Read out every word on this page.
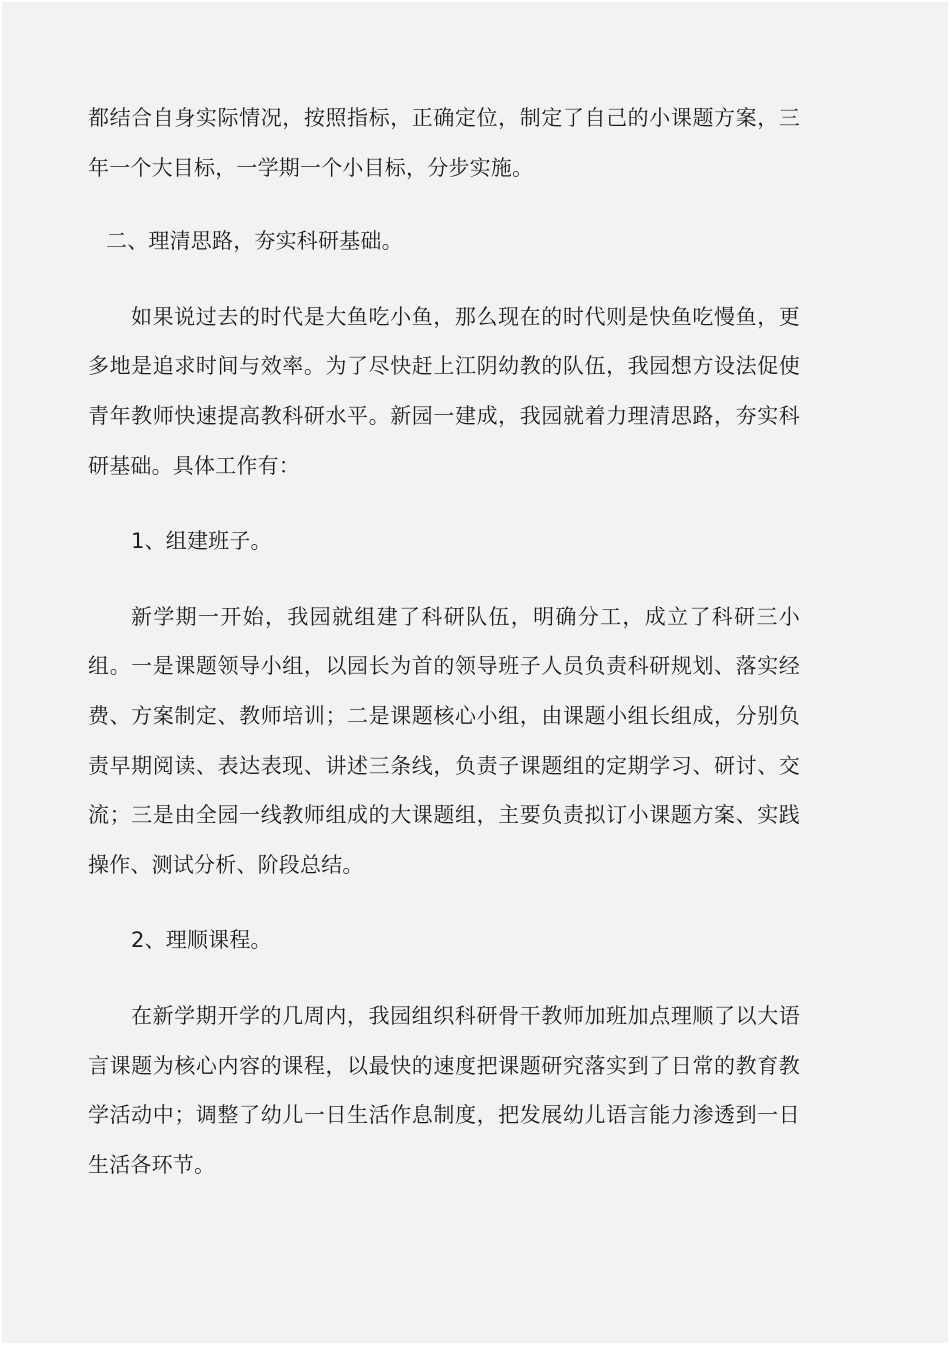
都结合自身实际情况，按照指标，正确定位，制定了自己的小课题方案，三年一个大目标，一学期一个小目标，分步实施。

二、理清思路，夯实科研基础。

如果说过去的时代是大鱼吃小鱼，那么现在的时代则是快鱼吃慢鱼，更多地是追求时间与效率。为了尽快赶上江阴幼教的队伍，我园想方设法促使青年教师快速提高教科研水平。新园一建成，我园就着力理清思路，夯实科研基础。具体工作有：

1、组建班子。

新学期一开始，我园就组建了科研队伍，明确分工，成立了科研三小组。一是课题领导小组，以园长为首的领导班子人员负责科研规划、落实经费、方案制定、教师培训；二是课题核心小组，由课题小组长组成，分别负责早期阅读、表达表现、讲述三条线，负责子课题组的定期学习、研讨、交流；三是由全园一线教师组成的大课题组，主要负责拟订小课题方案、实践操作、测试分析、阶段总结。

2、理顺课程。

在新学期开学的几周内，我园组织科研骨干教师加班加点理顺了以大语言课题为核心内容的课程，以最快的速度把课题研究落实到了日常的教育教学活动中；调整了幼儿一日生活作息制度，把发展幼儿语言能力渗透到一日生活各环节。
